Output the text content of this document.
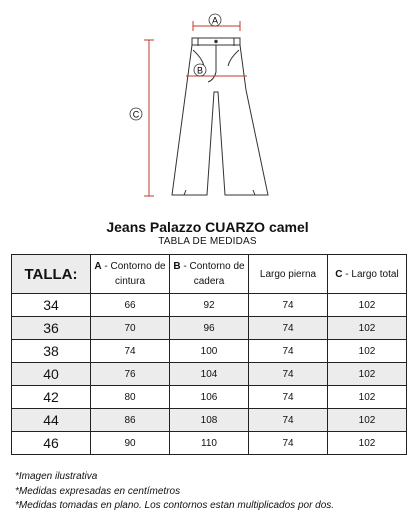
A
B
C
Jeans Palazzo CUARZO camel
TABLA DE MEDIDAS
TALLA:	A - Contorno de cintura	B - Contorno de cadera	Largo pierna	C - Largo total
34	66	92	74	102
36	70	96	74	102
38	74	100	74	102
40	76	104	74	102
42	80	106	74	102
44	86	108	74	102
46	90	110	74	102
*Imagen ilustrativa
*Medidas expresadas en centímetros
*Medidas tomadas en plano. Los contornos estan multiplicados por dos.
